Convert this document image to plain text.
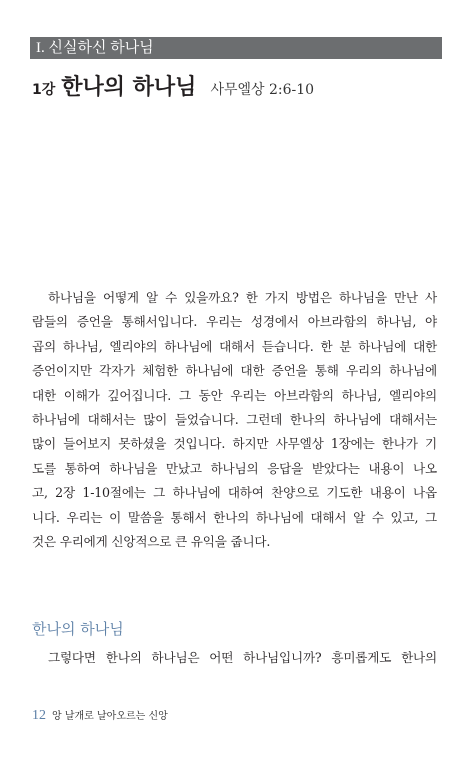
I. 신실하신 하나님
1강 한나의 하나님 사무엘상 2:6-10
하나님을 어떻게 알 수 있을까요? 한 가지 방법은 하나님을 만난 사
람들의 증언을 통해서입니다. 우리는 성경에서 아브라함의 하나님, 야
곱의 하나님, 엘리야의 하나님에 대해서 듣습니다. 한 분 하나님에 대한
증언이지만 각자가 체험한 하나님에 대한 증언을 통해 우리의 하나님에
대한 이해가 깊어집니다. 그 동안 우리는 아브라함의 하나님, 엘리야의
하나님에 대해서는 많이 들었습니다. 그런데 한나의 하나님에 대해서는
많이 들어보지 못하셨을 것입니다. 하지만 사무엘상 1장에는 한나가 기
도를 통하여 하나님을 만났고 하나님의 응답을 받았다는 내용이 나오
고, 2장 1-10절에는 그 하나님에 대하여 찬양으로 기도한 내용이 나옵
니다. 우리는 이 말씀을 통해서 한나의 하나님에 대해서 알 수 있고, 그
것은 우리에게 신앙적으로 큰 유익을 줍니다.
한나의 하나님
그렇다면 한나의 하나님은 어떤 하나님입니까? 흥미롭게도 한나의
12 앙 날개로 날아오르는 신앙
